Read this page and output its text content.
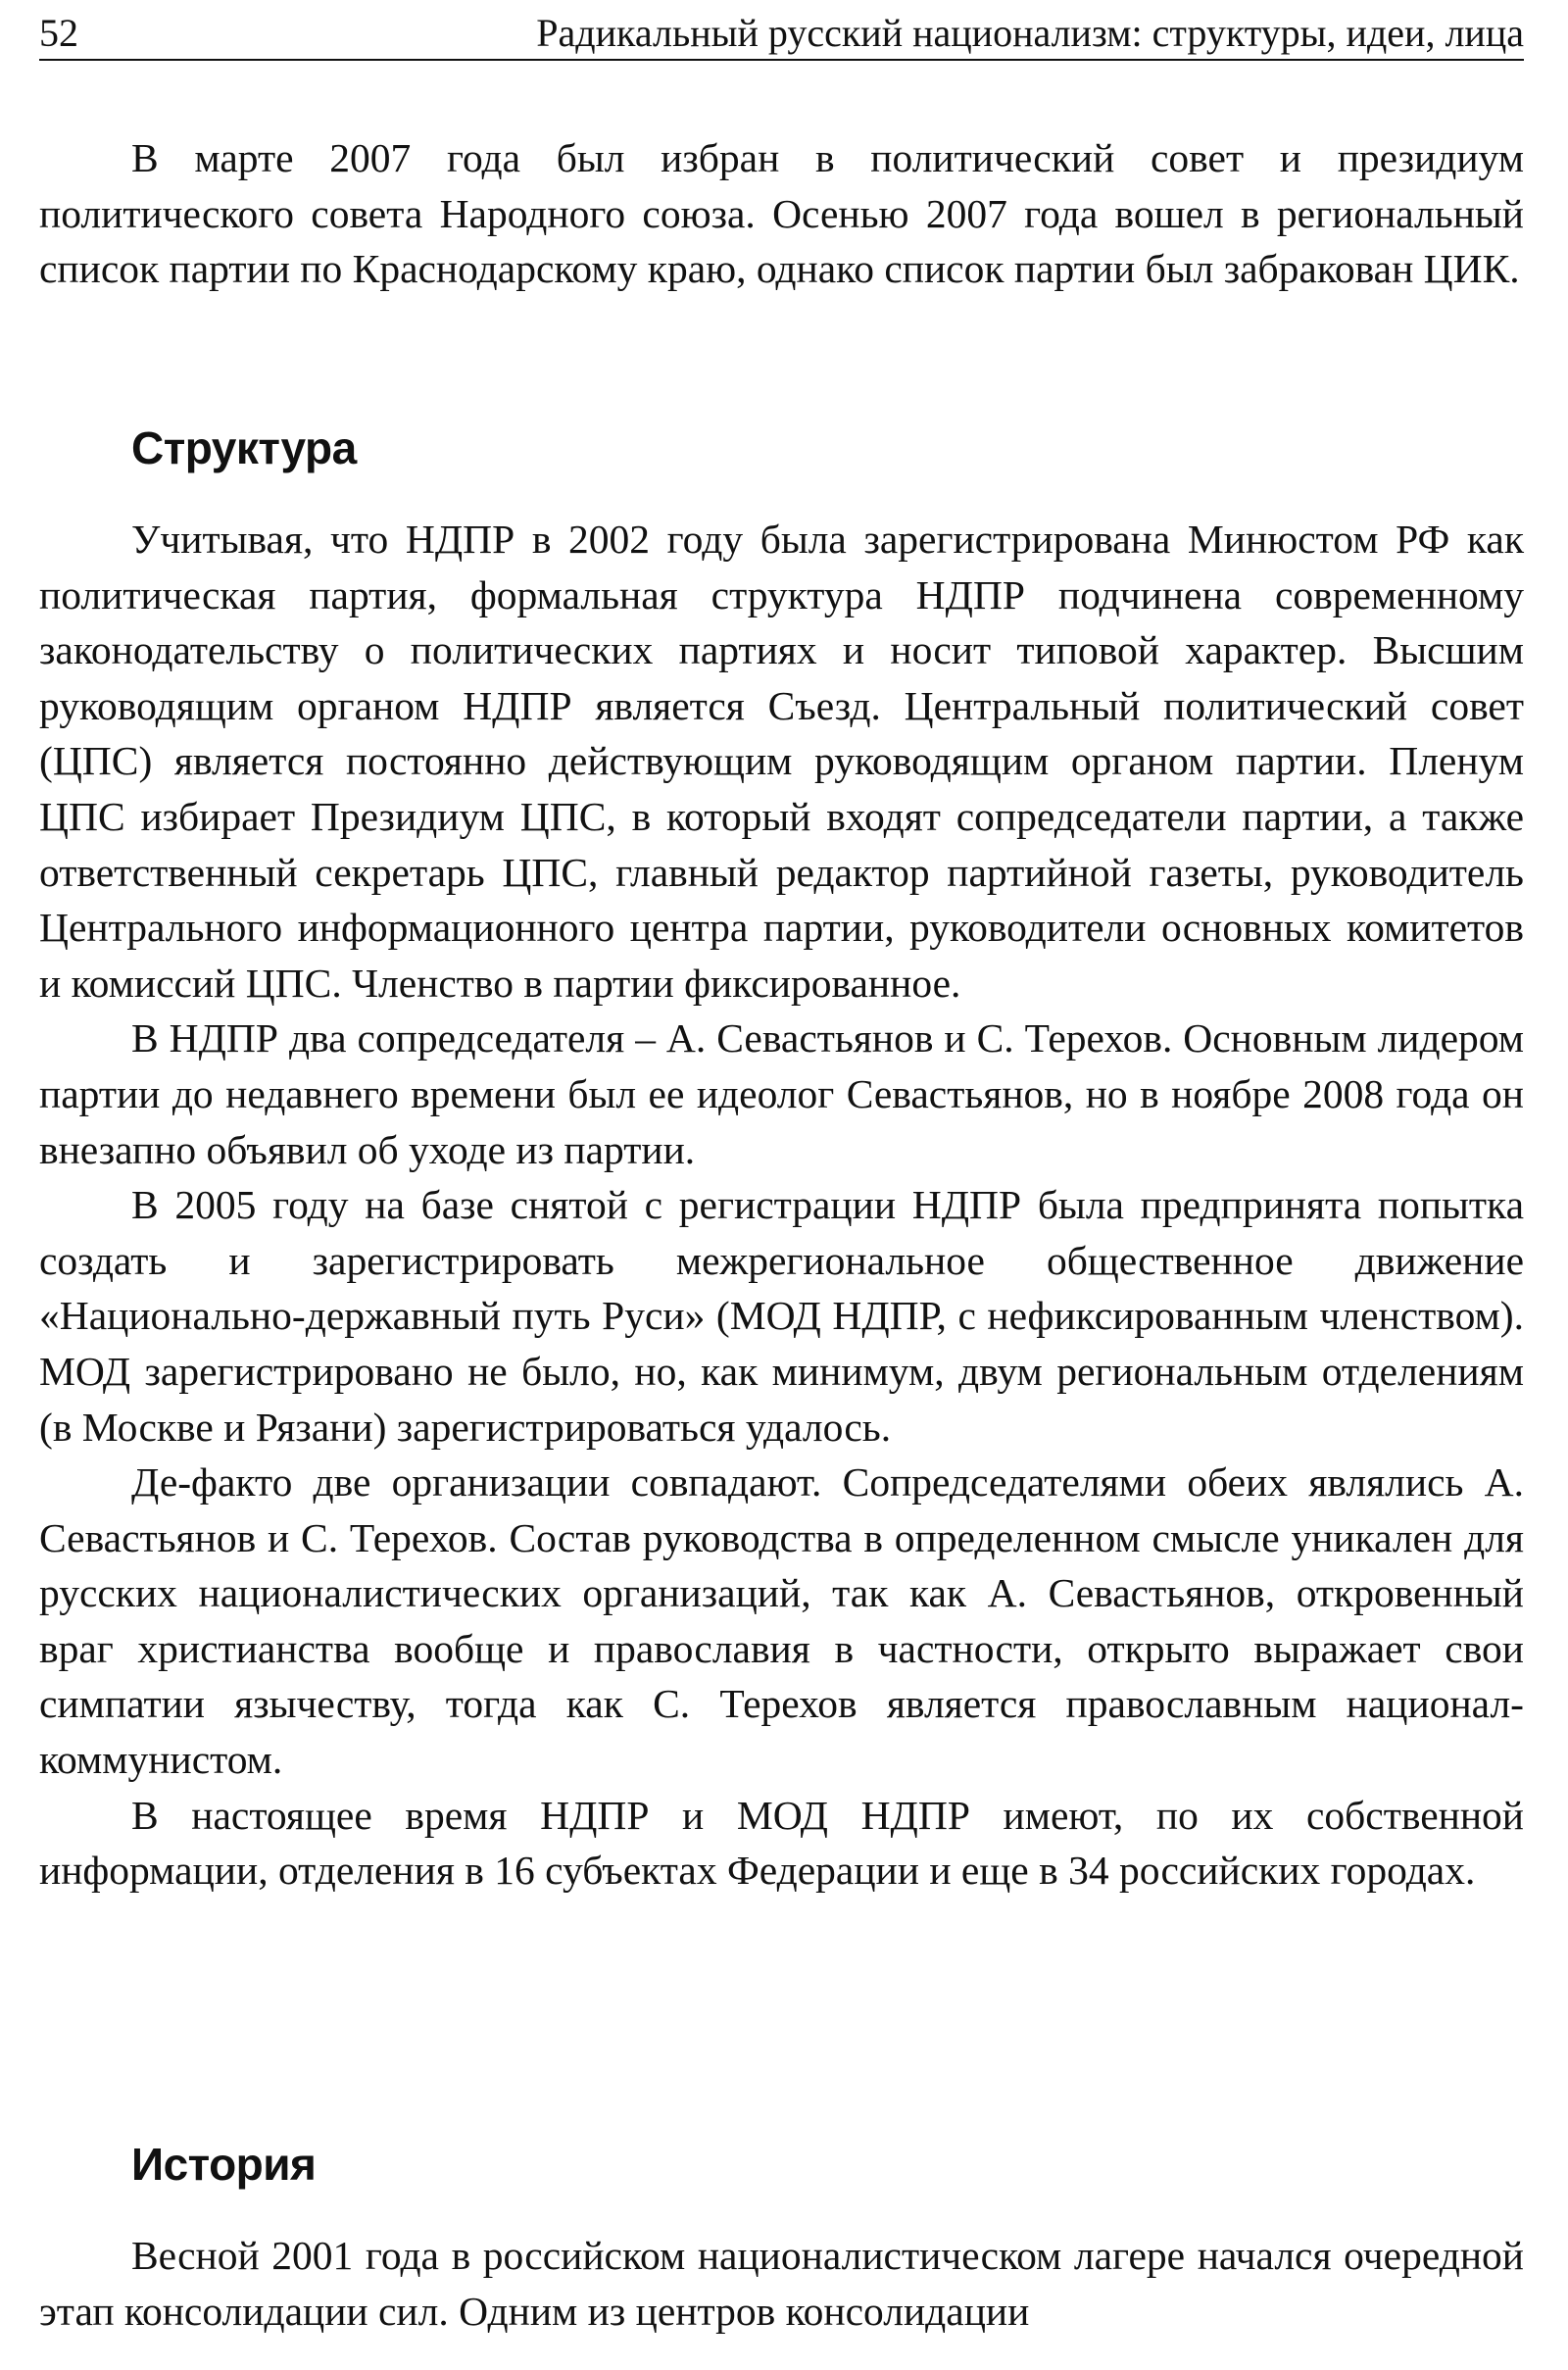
52	Радикальный русский национализм: структуры, идеи, лица

В марте 2007 года был избран в политический совет и президиум политического совета Народного союза. Осенью 2007 года вошел в региональный список партии по Краснодарскому краю, однако список партии был забракован ЦИК.

Структура

Учитывая, что НДПР в 2002 году была зарегистрирована Минюстом РФ как политическая партия, формальная структура НДПР подчинена современному законодательству о политических партиях и носит типовой характер. Высшим руководящим органом НДПР является Съезд. Центральный политический совет (ЦПС) является постоянно действующим руководящим органом партии. Пленум ЦПС избирает Президиум ЦПС, в который входят сопредседатели партии, а также ответственный секретарь ЦПС, главный редактор партийной газеты, руководитель Центрального информационного центра партии, руководители основных комитетов и комиссий ЦПС. Членство в партии фиксированное.

В НДПР два сопредседателя – А. Севастьянов и С. Терехов. Основным лидером партии до недавнего времени был ее идеолог Севастьянов, но в ноябре 2008 года он внезапно объявил об уходе из партии.

В 2005 году на базе снятой с регистрации НДПР была предпринята попытка создать и зарегистрировать межрегиональное общественное движение «Национально-державный путь Руси» (МОД НДПР, с нефиксированным членством). МОД зарегистрировано не было, но, как минимум, двум региональным отделениям (в Москве и Рязани) зарегистрироваться удалось.

Де-факто две организации совпадают. Сопредседателями обеих являлись А. Севастьянов и С. Терехов. Состав руководства в определенном смысле уникален для русских националистических организаций, так как А. Севастьянов, откровенный враг христианства вообще и православия в частности, открыто выражает свои симпатии язычеству, тогда как С. Терехов является православным национал-коммунистом.

В настоящее время НДПР и МОД НДПР имеют, по их собственной информации, отделения в 16 субъектах Федерации и еще в 34 российских городах.

История

Весной 2001 года в российском националистическом лагере начался очередной этап консолидации сил. Одним из центров консолидации
